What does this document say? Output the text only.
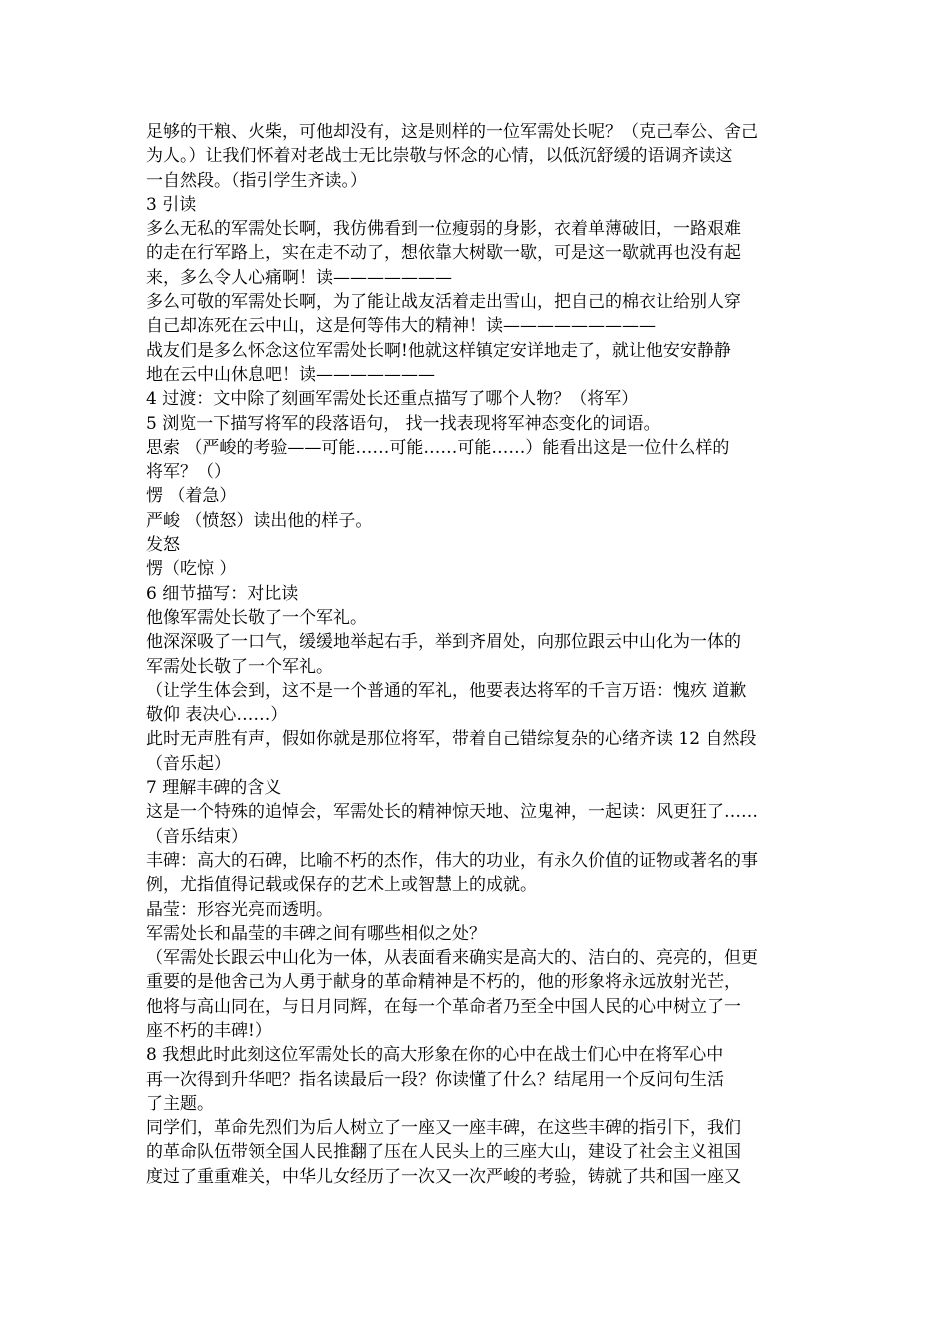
足够的干粮、火柴，可他却没有，这是则样的一位军需处长呢？（克己奉公、舍己
为人。）让我们怀着对老战士无比崇敬与怀念的心情，以低沉舒缓的语调齐读这
一自然段。（指引学生齐读。）
3 引读
多么无私的军需处长啊，我仿佛看到一位瘦弱的身影，衣着单薄破旧，一路艰难
的走在行军路上，实在走不动了，想依靠大树歇一歇，可是这一歇就再也没有起
来，多么令人心痛啊！读———————
多么可敬的军需处长啊，为了能让战友活着走出雪山，把自己的棉衣让给别人穿
自己却冻死在云中山，这是何等伟大的精神！读—————————
战友们是多么怀念这位军需处长啊!他就这样镇定安详地走了，就让他安安静静
地在云中山休息吧！读———————
4 过渡：文中除了刻画军需处长还重点描写了哪个人物？（将军）
5 浏览一下描写将军的段落语句， 找一找表现将军神态变化的词语。
思索 （严峻的考验——可能……可能……可能……）能看出这是一位什么样的
将军？（）
愣 （着急）
严峻 （愤怒）读出他的样子。
发怒
愣（吃惊 ）
6 细节描写：对比读
他像军需处长敬了一个军礼。
他深深吸了一口气，缓缓地举起右手，举到齐眉处，向那位跟云中山化为一体的
军需处长敬了一个军礼。
（让学生体会到，这不是一个普通的军礼，他要表达将军的千言万语：愧疚 道歉
敬仰 表决心……）
此时无声胜有声，假如你就是那位将军，带着自己错综复杂的心绪齐读 12 自然段
（音乐起）
7 理解丰碑的含义
这是一个特殊的追悼会，军需处长的精神惊天地、泣鬼神，一起读：风更狂了……
（音乐结束）
丰碑：高大的石碑，比喻不朽的杰作，伟大的功业，有永久价值的证物或著名的事
例，尤指值得记载或保存的艺术上或智慧上的成就。
晶莹：形容光亮而透明。
军需处长和晶莹的丰碑之间有哪些相似之处？
（军需处长跟云中山化为一体，从表面看来确实是高大的、洁白的、亮亮的，但更
重要的是他舍己为人勇于献身的革命精神是不朽的，他的形象将永远放射光芒，
他将与高山同在，与日月同辉，在每一个革命者乃至全中国人民的心中树立了一
座不朽的丰碑!）
8 我想此时此刻这位军需处长的高大形象在你的心中在战士们心中在将军心中
再一次得到升华吧？指名读最后一段？你读懂了什么？结尾用一个反问句生活
了主题。
同学们，革命先烈们为后人树立了一座又一座丰碑，在这些丰碑的指引下，我们
的革命队伍带领全国人民推翻了压在人民头上的三座大山，建设了社会主义祖国
度过了重重难关，中华儿女经历了一次又一次严峻的考验，铸就了共和国一座又
